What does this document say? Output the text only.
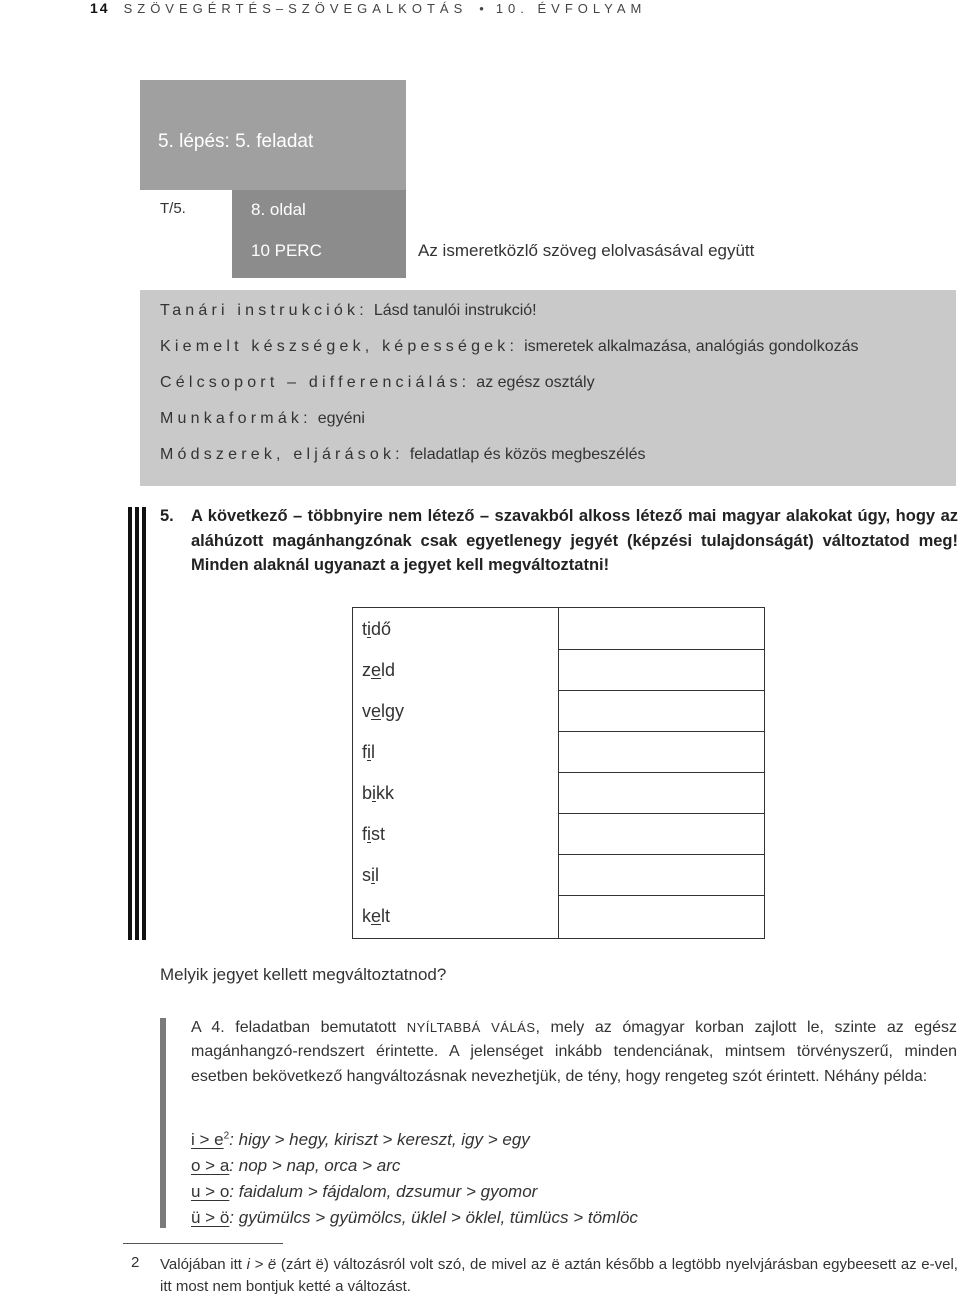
14 SZÖVEGÉRTÉS–SZÖVEGALKOTÁS • 10. ÉVFOLYAM
5. lépés: 5. feladat
T/5.	8. oldal
10 PERC	Az ismeretközlő szöveg elolvasásával együtt
Tanári instrukciók: Lásd tanulói instrukció!
Kiemelt készségek, képességek: ismeretek alkalmazása, analógiás gondolkozás
Célcsoport – differenciálás: az egész osztály
Munkaformák: egyéni
Módszerek, eljárások: feladatlap és közös megbeszélés
5. A következő – többnyire nem létező – szavakból alkoss létező mai magyar alakokat úgy, hogy az aláhúzott magánhangzónak csak egyetlenegy jegyét (képzési tulajdonságát) változtatod meg! Minden alaknál ugyanazt a jegyet kell megváltoztatni!
tidő
zeld
velgy
fil
bikk
fist
sil
kelt
Melyik jegyet kellett megváltoztatnod?
A 4. feladatban bemutatott NYÍLTABBÁ VÁLÁS, mely az ómagyar korban zajlott le, szinte az egész magánhangzó-rendszert érintette. A jelenséget inkább tendenciának, mintsem törvényszerű, minden esetben bekövetkező hangváltozásnak nevezhetjük, de tény, hogy rengeteg szót érintett. Néhány példa:
$i > e^2$: higy > hegy, kiriszt > kereszt, igy > egy
o > a: nop > nap, orca > arc
u > o: faidalum > fájdalom, dzsumur > gyomor
ü > ö: gyümülcs > gyümölcs, üklel > öklel, tümlücs > tömlöc
2 Valójában itt i > ë (zárt ë) változásról volt szó, de mivel az ë aztán később a legtöbb nyelvjárásban egybeesett az e-vel, itt most nem bontjuk ketté a változást.
